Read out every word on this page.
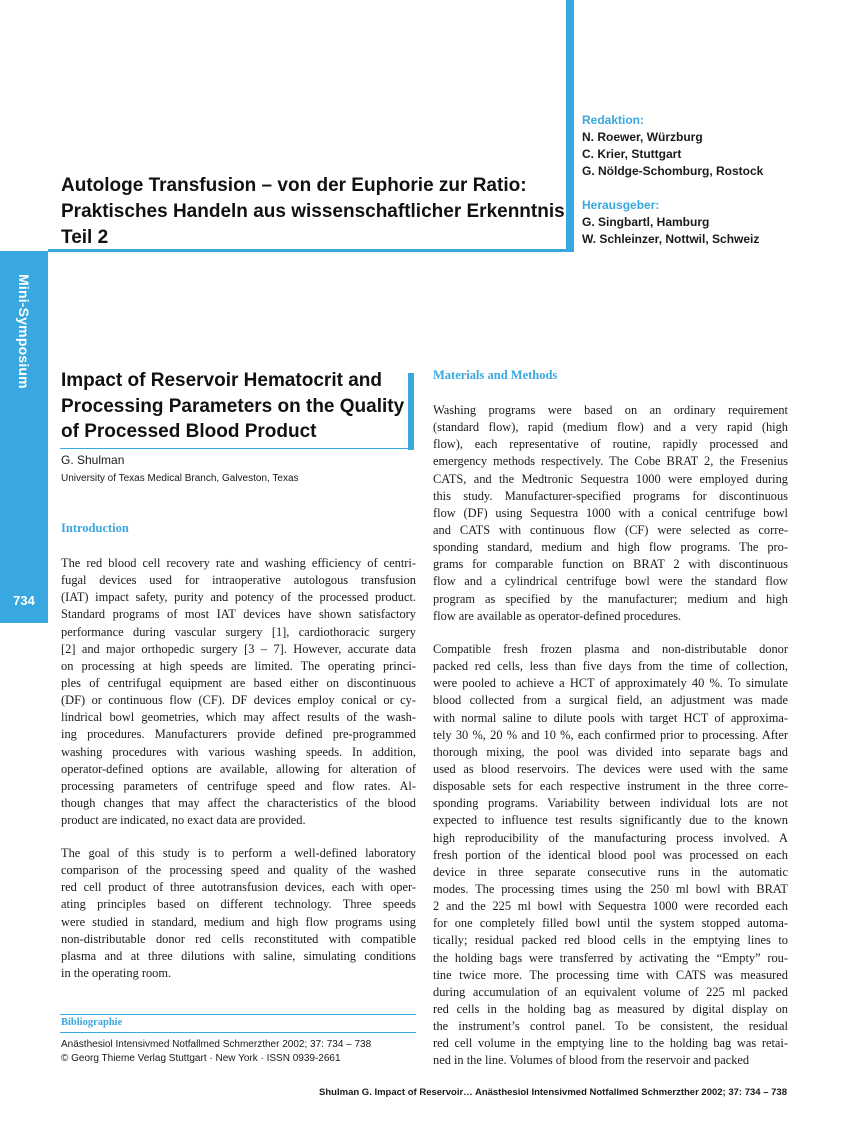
Mini-Symposium
734
Redaktion:
N. Roewer, Würzburg
C. Krier, Stuttgart
G. Nöldge-Schomburg, Rostock
Herausgeber:
G. Singbartl, Hamburg
W. Schleinzer, Nottwil, Schweiz
Autologe Transfusion – von der Euphorie zur Ratio:
Praktisches Handeln aus wissenschaftlicher Erkenntnis
Teil 2
Impact of Reservoir Hematocrit and
Processing Parameters on the Quality
of Processed Blood Product
G. Shulman
University of Texas Medical Branch, Galveston, Texas
Introduction
The red blood cell recovery rate and washing efficiency of centri-
fugal devices used for intraoperative autologous transfusion
(IAT) impact safety, purity and potency of the processed product.
Standard programs of most IAT devices have shown satisfactory
performance during vascular surgery [1], cardiothoracic surgery
[2] and major orthopedic surgery [3 – 7]. However, accurate data
on processing at high speeds are limited. The operating princi-
ples of centrifugal equipment are based either on discontinuous
(DF) or continuous flow (CF). DF devices employ conical or cy-
lindrical bowl geometries, which may affect results of the wash-
ing procedures. Manufacturers provide defined pre-programmed
washing procedures with various washing speeds. In addition,
operator-defined options are available, allowing for alteration of
processing parameters of centrifuge speed and flow rates. Al-
though changes that may affect the characteristics of the blood
product are indicated, no exact data are provided.
The goal of this study is to perform a well-defined laboratory
comparison of the processing speed and quality of the washed
red cell product of three autotransfusion devices, each with oper-
ating principles based on different technology. Three speeds
were studied in standard, medium and high flow programs using
non-distributable donor red cells reconstituted with compatible
plasma and at three dilutions with saline, simulating conditions
in the operating room.
Bibliographie
Anästhesiol Intensivmed Notfallmed Schmerzther 2002; 37: 734 – 738
© Georg Thieme Verlag Stuttgart · New York · ISSN 0939-2661
Materials and Methods
Washing programs were based on an ordinary requirement
(standard flow), rapid (medium flow) and a very rapid (high
flow), each representative of routine, rapidly processed and
emergency methods respectively. The Cobe BRAT 2, the Fresenius
CATS, and the Medtronic Sequestra 1000 were employed during
this study. Manufacturer-specified programs for discontinuous
flow (DF) using Sequestra 1000 with a conical centrifuge bowl
and CATS with continuous flow (CF) were selected as corre-
sponding standard, medium and high flow programs. The pro-
grams for comparable function on BRAT 2 with discontinuous
flow and a cylindrical centrifuge bowl were the standard flow
program as specified by the manufacturer; medium and high
flow are available as operator-defined procedures.
Compatible fresh frozen plasma and non-distributable donor
packed red cells, less than five days from the time of collection,
were pooled to achieve a HCT of approximately 40 %. To simulate
blood collected from a surgical field, an adjustment was made
with normal saline to dilute pools with target HCT of approxima-
tely 30 %, 20 % and 10 %, each confirmed prior to processing. After
thorough mixing, the pool was divided into separate bags and
used as blood reservoirs. The devices were used with the same
disposable sets for each respective instrument in the three corre-
sponding programs. Variability between individual lots are not
expected to influence test results significantly due to the known
high reproducibility of the manufacturing process involved. A
fresh portion of the identical blood pool was processed on each
device in three separate consecutive runs in the automatic
modes. The processing times using the 250 ml bowl with BRAT
2 and the 225 ml bowl with Sequestra 1000 were recorded each
for one completely filled bowl until the system stopped automa-
tically; residual packed red blood cells in the emptying lines to
the holding bags were transferred by activating the “Empty” rou-
tine twice more. The processing time with CATS was measured
during accumulation of an equivalent volume of 225 ml packed
red cells in the holding bag as measured by digital display on
the instrument’s control panel. To be consistent, the residual
red cell volume in the emptying line to the holding bag was retai-
ned in the line. Volumes of blood from the reservoir and packed
Shulman G. Impact of Reservoir… Anästhesiol Intensivmed Notfallmed Schmerzther 2002; 37: 734 – 738
